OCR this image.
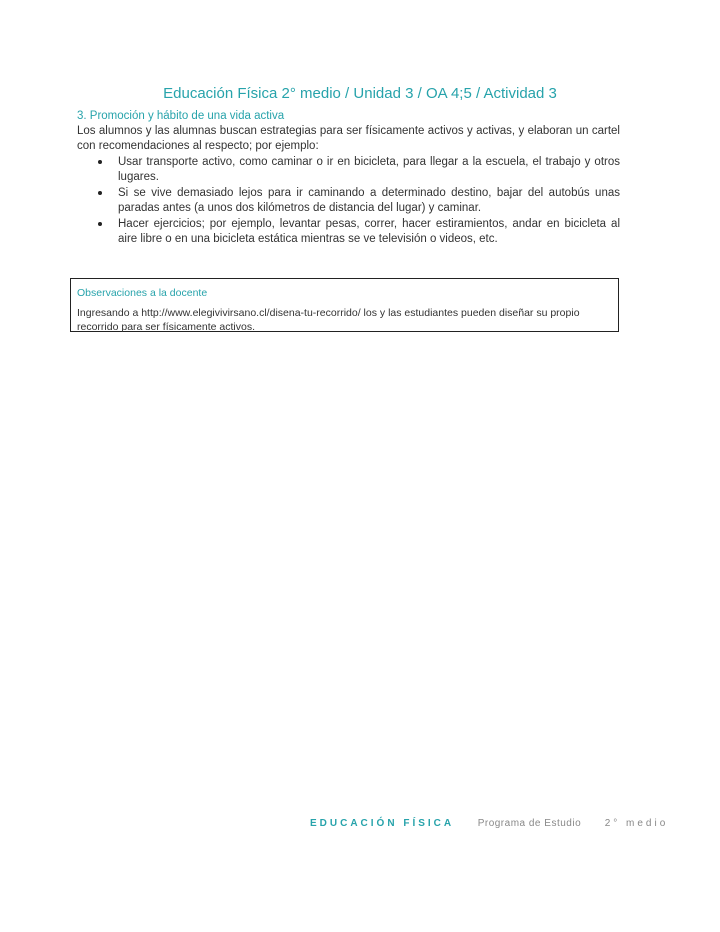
Educación Física 2° medio / Unidad 3 / OA 4;5 / Actividad 3
3. Promoción y hábito de una vida activa
Los alumnos y las alumnas buscan estrategias para ser físicamente activos y activas, y elaboran un cartel con recomendaciones al respecto; por ejemplo:
Usar transporte activo, como caminar o ir en bicicleta, para llegar a la escuela, el trabajo y otros lugares.
Si se vive demasiado lejos para ir caminando a determinado destino, bajar del autobús unas paradas antes (a unos dos kilómetros de distancia del lugar) y caminar.
Hacer ejercicios; por ejemplo, levantar pesas, correr, hacer estiramientos, andar en bicicleta al aire libre o en una bicicleta estática mientras se ve televisión o videos, etc.
Observaciones a la docente
Ingresando a http://www.elegivivirsano.cl/disena-tu-recorrido/ los y las estudiantes pueden diseñar su propio recorrido para ser físicamente activos.
EDUCACIÓN FÍSICA Programa de Estudio 2° medio
